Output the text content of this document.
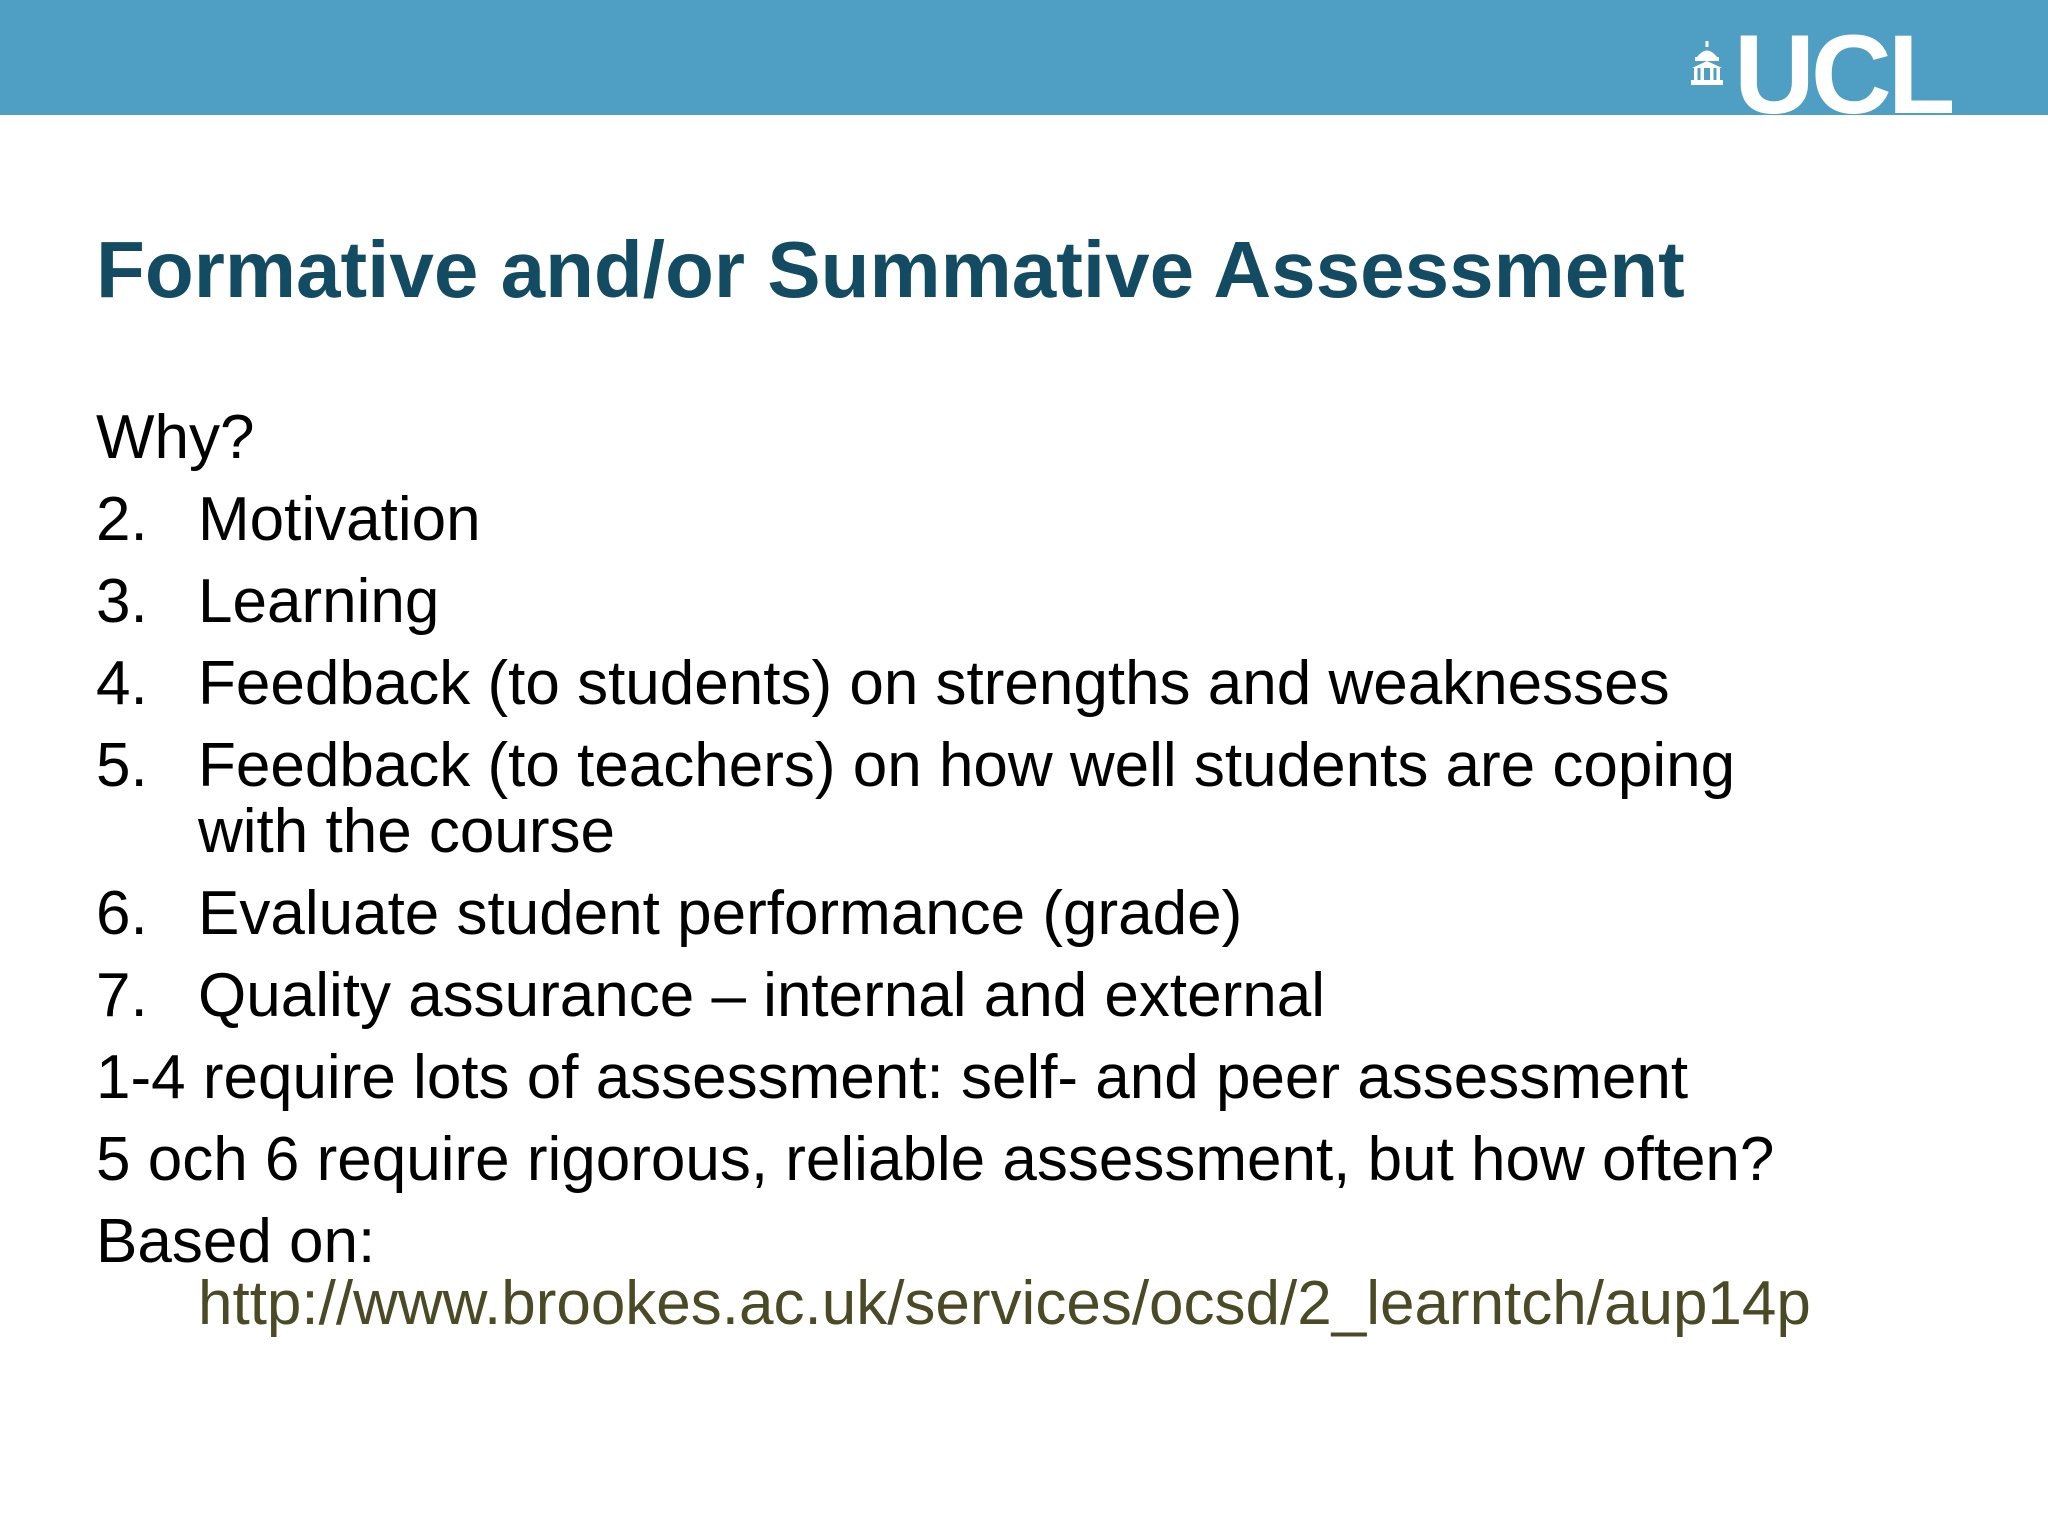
UCL
Formative and/or Summative Assessment
Why?
2. Motivation
3. Learning
4. Feedback (to students) on strengths and weaknesses
5. Feedback (to teachers) on how well students are coping
with the course
6. Evaluate student performance (grade)
7. Quality assurance – internal and external
1-4 require lots of assessment: self- and peer assessment
5 och 6 require rigorous, reliable assessment, but how often?
Based on:
http://www.brookes.ac.uk/services/ocsd/2_learntch/aup14p
